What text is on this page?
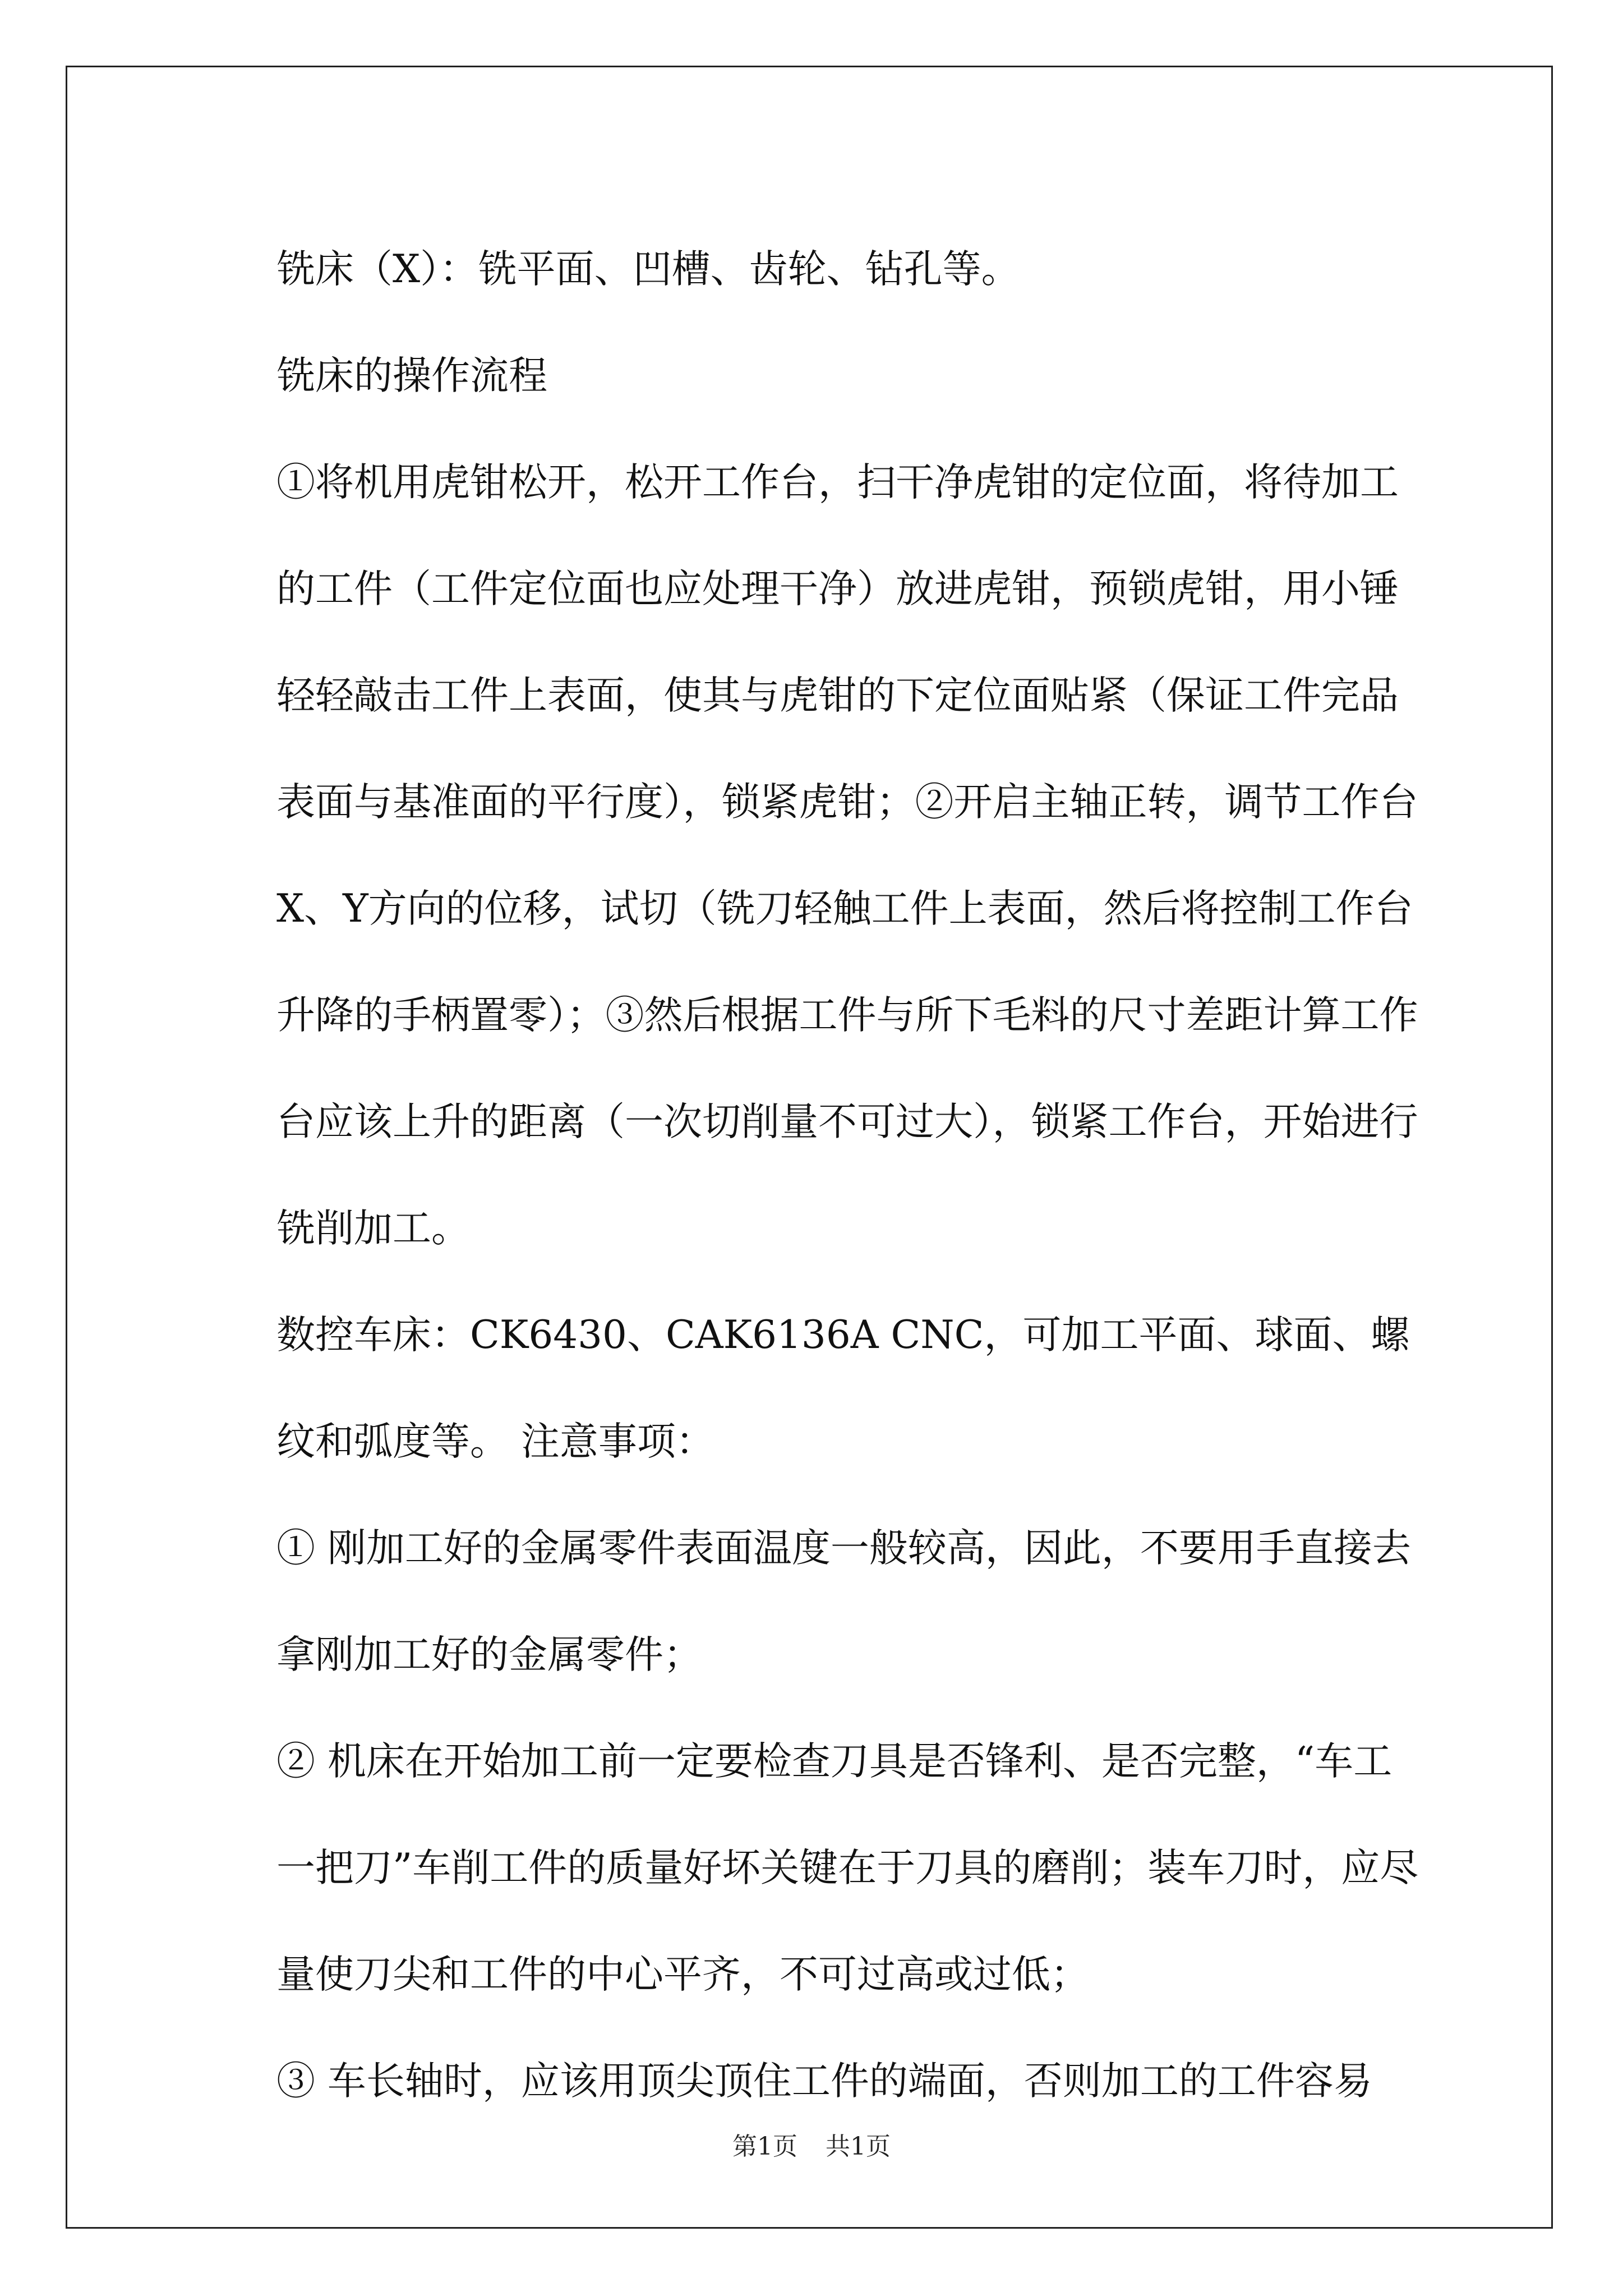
铣床（X）：铣平面、凹槽、齿轮、钻孔等。

铣床的操作流程

①将机用虎钳松开，松开工作台，扫干净虎钳的定位面，将待加工的工件（工件定位面也应处理干净）放进虎钳，预锁虎钳，用小锤轻轻敲击工件上表面，使其与虎钳的下定位面贴紧（保证工件完品表面与基准面的平行度），锁紧虎钳；②开启主轴正转，调节工作台X、Y方向的位移，试切（铣刀轻触工件上表面，然后将控制工作台升降的手柄置零）；③然后根据工件与所下毛料的尺寸差距计算工作台应该上升的距离（一次切削量不可过大），锁紧工作台，开始进行铣削加工。

数控车床：CK6430、CAK6136A CNC，可加工平面、球面、螺纹和弧度等。 注意事项：

① 刚加工好的金属零件表面温度一般较高，因此，不要用手直接去拿刚加工好的金属零件；

② 机床在开始加工前一定要检查刀具是否锋利、是否完整，“车工一把刀”车削工件的质量好坏关键在于刀具的磨削；装车刀时，应尽量使刀尖和工件的中心平齐，不可过高或过低；

③ 车长轴时，应该用顶尖顶住工件的端面，否则加工的工件容易

第1页 共1页
